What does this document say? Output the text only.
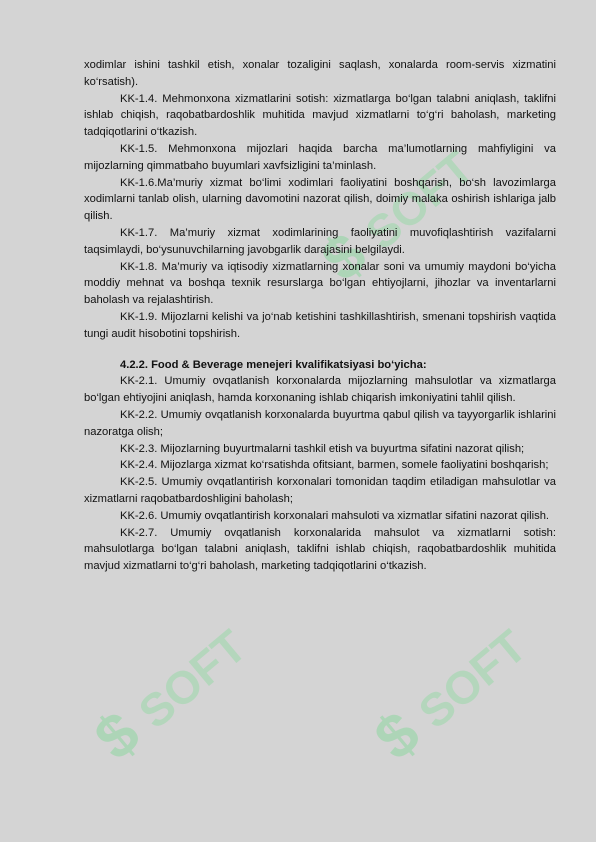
$
SOFT
$
SOFT $
SOFT

xodimlar ishini tashkil etish, xonalar tozaligini saqlash, xonalarda room-servis xizmatini ko‘rsatish).

KK-1.4. Mehmonxona xizmatlarini sotish: xizmatlarga bo‘lgan talabni aniqlash, taklifni ishlab chiqish, raqobatbardoshlik muhitida mavjud xizmatlarni to‘g‘ri baholash, marketing tadqiqotlarini o‘tkazish.

KK-1.5. Mehmonxona mijozlari haqida barcha ma’lumotlarning mahfiyligini va mijozlarning qimmatbaho buyumlari xavfsizligini ta’minlash.

KK-1.6.Ma’muriy xizmat bo‘limi xodimlari faoliyatini boshqarish, bo‘sh lavozimlarga xodimlarni tanlab olish, ularning davomotini nazorat qilish, doimiy malaka oshirish ishlariga jalb qilish.

KK-1.7. Ma’muriy xizmat xodimlarining faoliyatini muvofiqlashtirish vazifalarni taqsimlaydi, bo‘ysunuvchilarning javobgarlik darajasini belgilaydi.

KK-1.8. Ma’muriy va iqtisodiy xizmatlarning xonalar soni va umumiy maydoni bo‘yicha moddiy mehnat va boshqa texnik resurslarga bo‘lgan ehtiyojlarni, jihozlar va inventarlarni baholash va rejalashtirish.

KK-1.9. Mijozlarni kelishi va jo‘nab ketishini tashkillashtirish, smenani topshirish vaqtida tungi audit hisobotini topshirish.

4.2.2. Food & Beverage menejeri kvalifikatsiyasi bo‘yicha:

KK-2.1. Umumiy ovqatlanish korxonalarda mijozlarning mahsulotlar va xizmatlarga bo‘lgan ehtiyojini aniqlash, hamda korxonaning ishlab chiqarish imkoniyatini tahlil qilish.

KK-2.2. Umumiy ovqatlanish korxonalarda buyurtma qabul qilish va tayyorgarlik ishlarini nazoratga olish;

KK-2.3. Mijozlarning buyurtmalarni tashkil etish va buyurtma sifatini nazorat qilish;

KK-2.4. Mijozlarga xizmat ko‘rsatishda ofitsiant, barmen, somele faoliyatini boshqarish;

KK-2.5. Umumiy ovqatlantirish korxonalari tomonidan taqdim etiladigan mahsulotlar va xizmatlarni raqobatbardoshligini baholash;

KK-2.6. Umumiy ovqatlantirish korxonalari mahsuloti va xizmatlar sifatini nazorat qilish.

KK-2.7. Umumiy ovqatlanish korxonalarida mahsulot va xizmatlarni sotish: mahsulotlarga bo‘lgan talabni aniqlash, taklifni ishlab chiqish, raqobatbardoshlik muhitida mavjud xizmatlarni to‘g‘ri baholash, marketing tadqiqotlarini o‘tkazish.
